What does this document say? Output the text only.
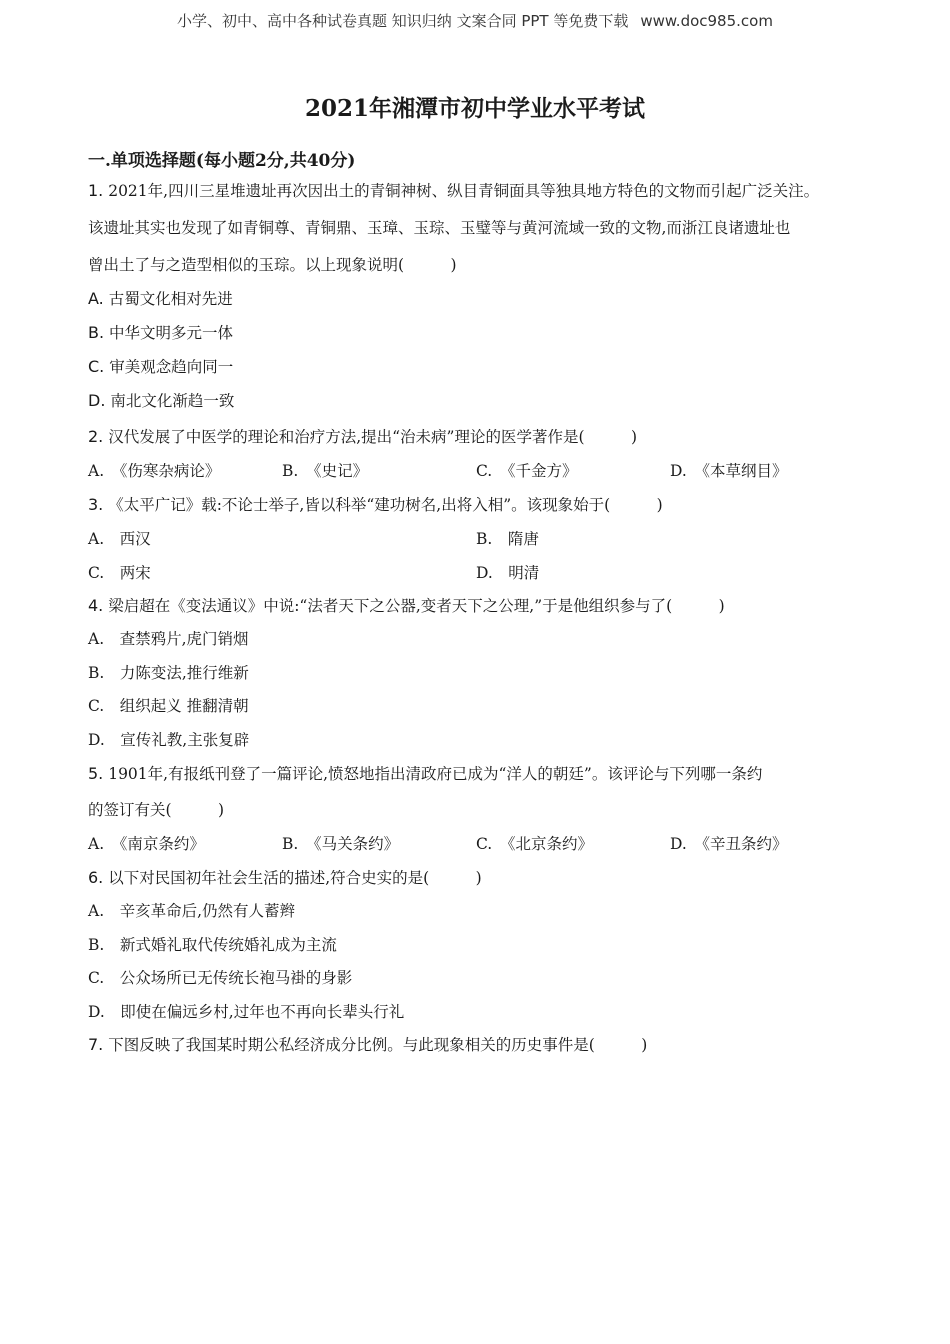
小学、初中、高中各种试卷真题 知识归纳 文案合同 PPT 等免费下载 www.doc985.com
2021年湘潭市初中学业水平考试
一.单项选择题(每小题2分,共40分)
1. 2021年,四川三星堆遗址再次因出土的青铜神树、纵目青铜面具等独具地方特色的文物而引起广泛关注。
该遗址其实也发现了如青铜尊、青铜鼎、玉璋、玉琮、玉璧等与黄河流域一致的文物,而浙江良诸遗址也
曾出土了与之造型相似的玉琮。以上现象说明(　　　)
A. 古蜀文化相对先进
B. 中华文明多元一体
C. 审美观念趋向同一
D. 南北文化渐趋一致
2. 汉代发展了中医学的理论和治疗方法,提出“治未病”理论的医学著作是(　　　)
A.　《伤寒杂病论》	B.　《史记》	C.　《千金方》	D.　《本草纲目》
3. 《太平广记》载:不论士举子,皆以科举“建功树名,出将入相”。该现象始于(　　　)
A.　西汉	B.　隋唐
C.　两宋	D.　明清
4. 梁启超在《变法通议》中说:“法者天下之公器,变者天下之公理,”于是他组织参与了(　　　)
A.　查禁鸦片,虎门销烟
B.　力陈变法,推行维新
C.　组织起义 推翻清朝
D.　宣传礼教,主张复辟
5. 1901年,有报纸刊登了一篇评论,愤怒地指出清政府已成为“洋人的朝廷”。该评论与下列哪一条约
的签订有关(　　　)
A.　《南京条约》	B.　《马关条约》	C.　《北京条约》	D.　《辛丑条约》
6. 以下对民国初年社会生活的描述,符合史实的是(　　　)
A.　辛亥革命后,仍然有人蓄辫
B.　新式婚礼取代传统婚礼成为主流
C.　公众场所已无传统长袍马褂的身影
D.　即使在偏远乡村,过年也不再向长辈头行礼
7. 下图反映了我国某时期公私经济成分比例。与此现象相关的历史事件是(　　　)
